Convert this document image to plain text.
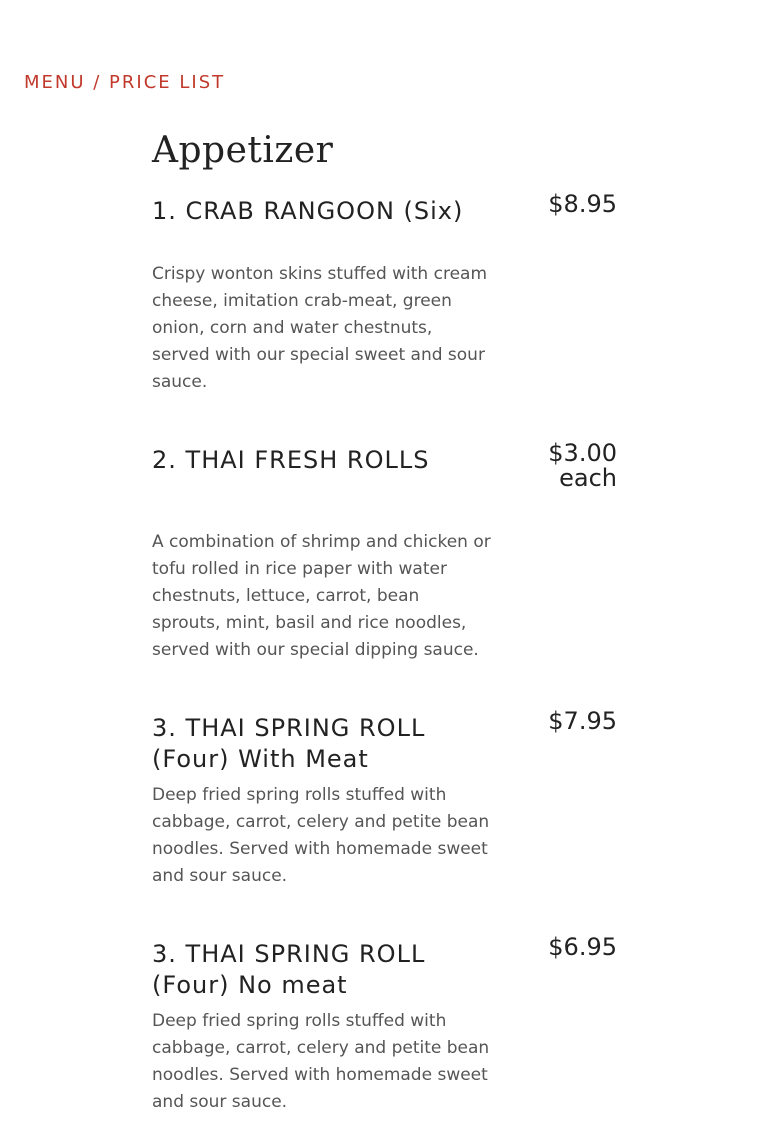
MENU / PRICE LIST
Appetizer
1. CRAB RANGOON (Six)	$8.95

Crispy wonton skins stuffed with cream cheese, imitation crab-meat, green onion, corn and water chestnuts, served with our special sweet and sour sauce.

2. THAI FRESH ROLLS	$3.00 each

A combination of shrimp and chicken or tofu rolled in rice paper with water chestnuts, lettuce, carrot, bean sprouts, mint, basil and rice noodles, served with our special dipping sauce.

3. THAI SPRING ROLL (Four) With Meat
$7.95

Deep fried spring rolls stuffed with cabbage, carrot, celery and petite bean noodles. Served with homemade sweet and sour sauce.

3. THAI SPRING ROLL (Four) No meat
$6.95

Deep fried spring rolls stuffed with cabbage, carrot, celery and petite bean noodles. Served with homemade sweet and sour sauce.
